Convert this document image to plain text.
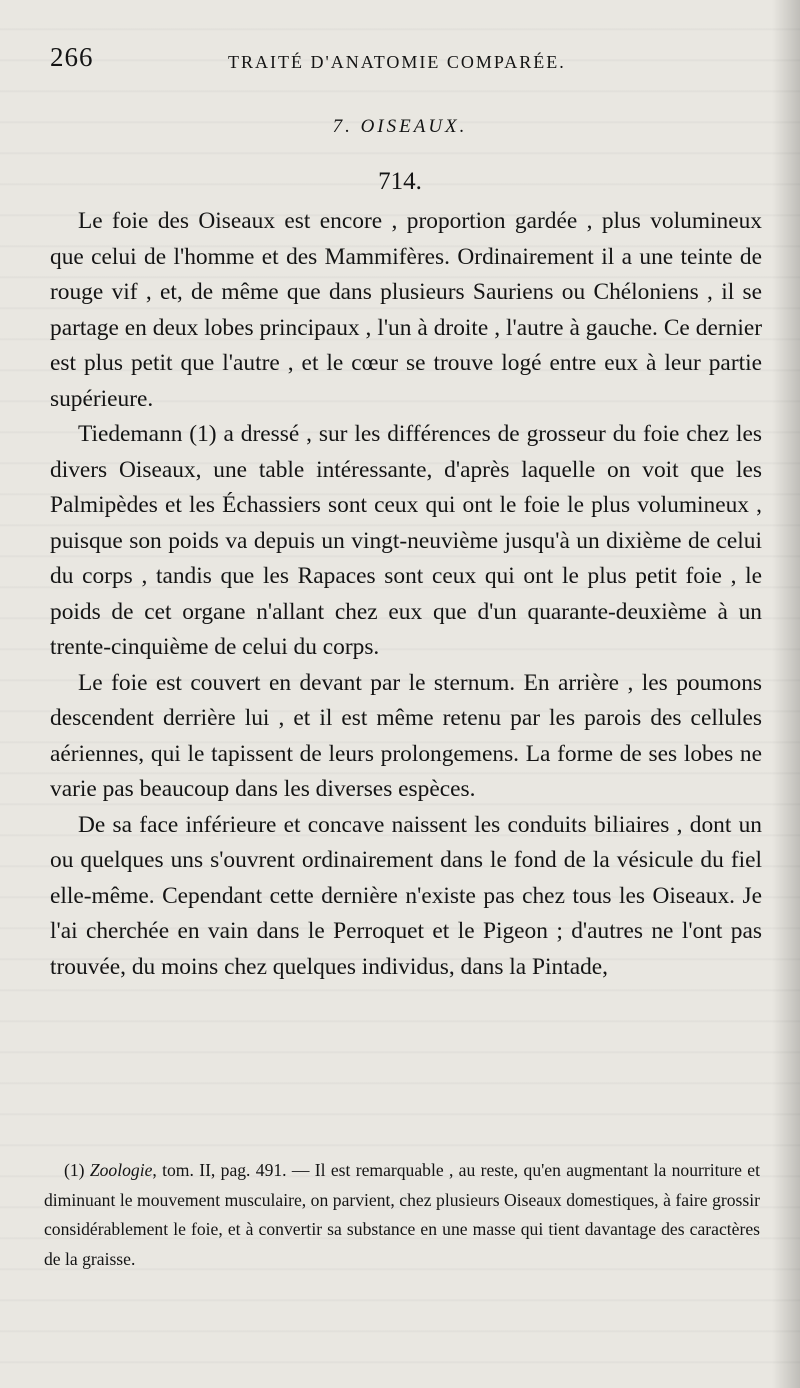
266	TRAITÉ D'ANATOMIE COMPARÉE.
7. OISEAUX.
714.

Le foie des Oiseaux est encore , proportion gardée , plus volumineux que celui de l'homme et des Mammifères. Ordinairement il a une teinte de rouge vif , et, de même que dans plusieurs Sauriens ou Chéloniens , il se partage en deux lobes principaux , l'un à droite , l'autre à gauche. Ce dernier est plus petit que l'autre , et le cœur se trouve logé entre eux à leur partie supérieure.

Tiedemann (1) a dressé , sur les différences de grosseur du foie chez les divers Oiseaux, une table intéressante, d'après laquelle on voit que les Palmipèdes et les Échassiers sont ceux qui ont le foie le plus volumineux , puisque son poids va depuis un vingt-neuvième jusqu'à un dixième de celui du corps , tandis que les Rapaces sont ceux qui ont le plus petit foie , le poids de cet organe n'allant chez eux que d'un quarante-deuxième à un trente-cinquième de celui du corps.

Le foie est couvert en devant par le sternum. En arrière , les poumons descendent derrière lui , et il est même retenu par les parois des cellules aériennes, qui le tapissent de leurs prolongemens. La forme de ses lobes ne varie pas beaucoup dans les diverses espèces.

De sa face inférieure et concave naissent les conduits biliaires , dont un ou quelques uns s'ouvrent ordinairement dans le fond de la vésicule du fiel elle-même. Cependant cette dernière n'existe pas chez tous les Oiseaux. Je l'ai cherchée en vain dans le Perroquet et le Pigeon ; d'autres ne l'ont pas trouvée, du moins chez quelques individus, dans la Pintade,

(1) Zoologie, tom. II, pag. 491. — Il est remarquable , au reste, qu'en augmentant la nourriture et diminuant le mouvement musculaire, on parvient, chez plusieurs Oiseaux domestiques, à faire grossir considérablement le foie, et à convertir sa substance en une masse qui tient davantage des caractères de la graisse.
